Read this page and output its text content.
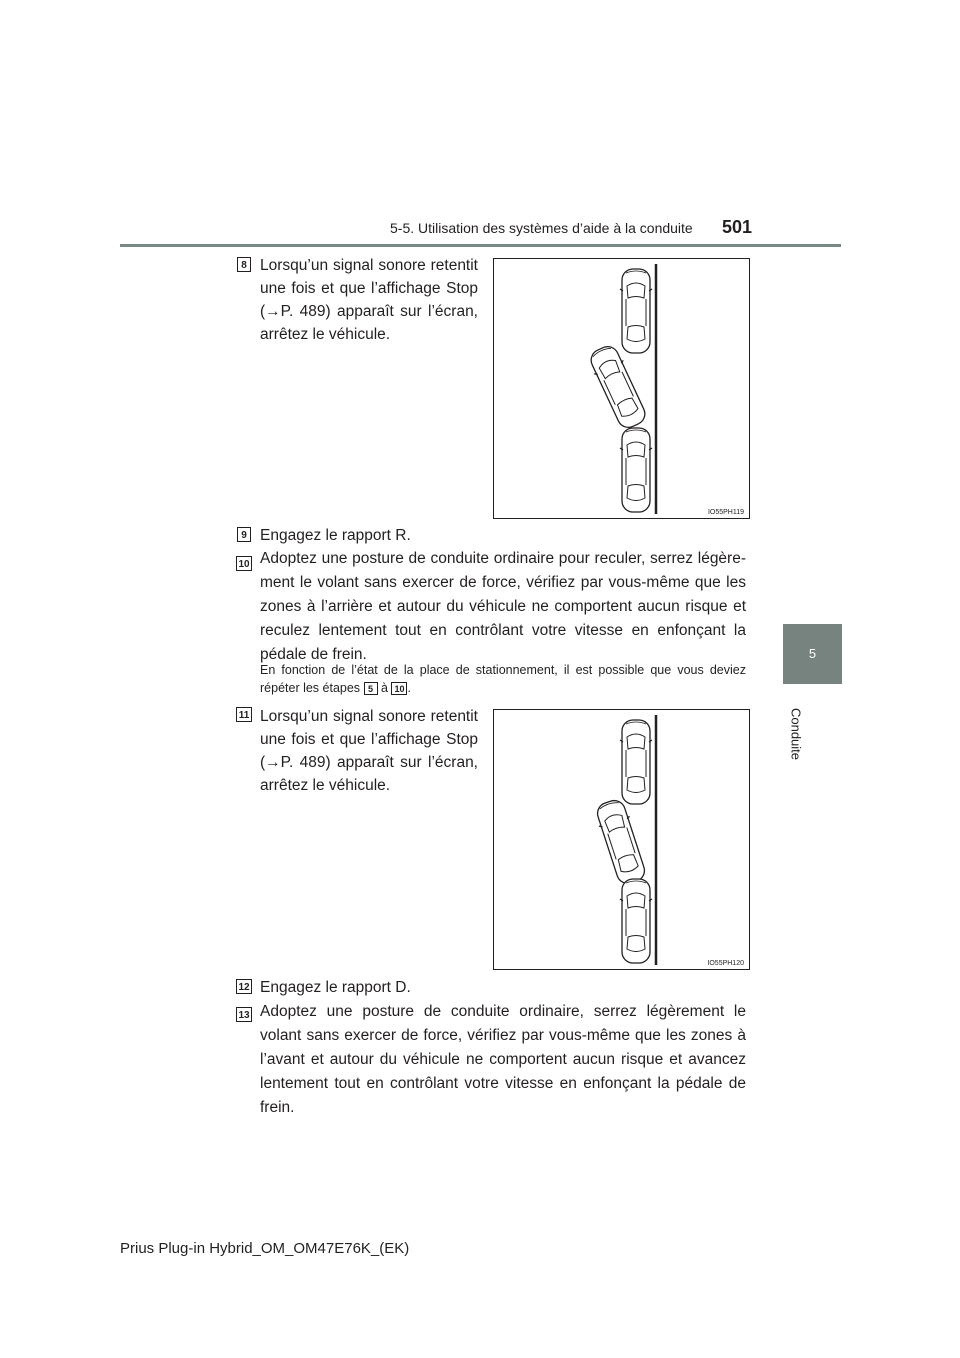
5-5. Utilisation des systèmes d’aide à la conduite 501
5
Conduite
8 Lorsqu’un signal sonore retentit une fois et que l’affichage Stop (→P. 489) apparaît sur l’écran, arrêtez le véhicule.
IO55PH119
9 Engagez le rapport R.
10 Adoptez une posture de conduite ordinaire pour reculer, serrez légère-ment le volant sans exercer de force, vérifiez par vous-même que les zones à l’arrière et autour du véhicule ne comportent aucun risque et reculez lentement tout en contrôlant votre vitesse en enfonçant la pédale de frein.
En fonction de l’état de la place de stationnement, il est possible que vous deviez répéter les étapes 5 à 10 .
11 Lorsqu’un signal sonore retentit une fois et que l’affichage Stop (→P. 489) apparaît sur l’écran, arrêtez le véhicule.
IO55PH120
12 Engagez le rapport D.
13 Adoptez une posture de conduite ordinaire, serrez légèrement le volant sans exercer de force, vérifiez par vous-même que les zones à l’avant et autour du véhicule ne comportent aucun risque et avancez lentement tout en contrôlant votre vitesse en enfonçant la pédale de frein.
Prius Plug-in Hybrid_OM_OM47E76K_(EK)
